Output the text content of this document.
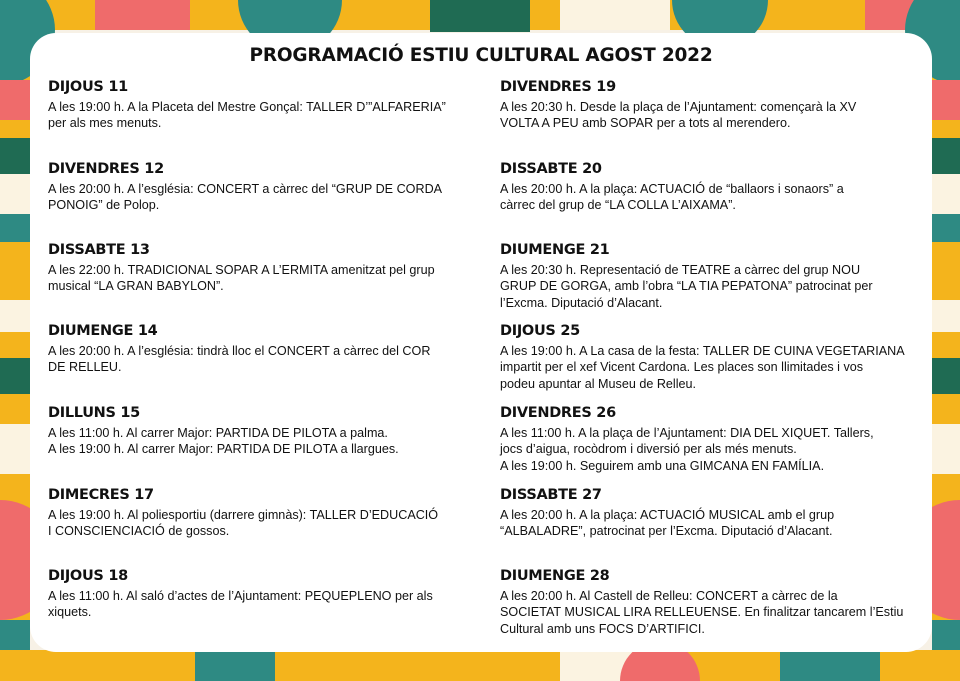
PROGRAMACIÓ ESTIU CULTURAL AGOST 2022
DIJOUS 11
A les 19:00 h. A la Placeta del Mestre Gonçal: TALLER D’”ALFARERIA”
per als mes menuts.
DIVENDRES 12
A les 20:00 h. A l’església: CONCERT a càrrec del “GRUP DE CORDA
PONOIG” de Polop.
DISSABTE 13
A les 22:00 h. TRADICIONAL SOPAR A L’ERMITA amenitzat pel grup
musical “LA GRAN BABYLON”.
DIUMENGE 14
A les 20:00 h. A l’església: tindrà lloc el CONCERT a càrrec del COR
DE RELLEU.
DILLUNS 15
A les 11:00 h. Al carrer Major: PARTIDA DE PILOTA a palma.
A les 19:00 h. Al carrer Major: PARTIDA DE PILOTA a llargues.
DIMECRES 17
A les 19:00 h. Al poliesportiu (darrere gimnàs): TALLER D’EDUCACIÓ
I CONSCIENCIACIÓ de gossos.
DIJOUS 18
A les 11:00 h. Al saló d’actes de l’Ajuntament: PEQUEPLENO per als
xiquets.
DIVENDRES 19
A les 20:30 h. Desde la plaça de l’Ajuntament: començarà la XV
VOLTA A PEU amb SOPAR per a tots al merendero.
DISSABTE 20
A les 20:00 h. A la plaça: ACTUACIÓ de “ballaors i sonaors” a
càrrec del grup de “LA COLLA L’AIXAMA”.
DIUMENGE 21
A les 20:30 h. Representació de TEATRE a càrrec del grup NOU
GRUP DE GORGA, amb l’obra “LA TIA PEPATONA” patrocinat per
l’Excma. Diputació d’Alacant.
DIJOUS 25
A les 19:00 h. A La casa de la festa: TALLER DE CUINA VEGETARIANA
impartit per el xef Vicent Cardona. Les places son llimitades i vos
podeu apuntar al Museu de Relleu.
DIVENDRES 26
A les 11:00 h. A la plaça de l’Ajuntament: DIA DEL XIQUET. Tallers,
jocs d’aigua, rocòdrom i diversió per als més menuts.
A les 19:00 h. Seguirem amb una GIMCANA EN FAMÍLIA.
DISSABTE 27
A les 20:00 h. A la plaça: ACTUACIÓ MUSICAL amb el grup
“ALBALADRE”, patrocinat per l’Excma. Diputació d’Alacant.
DIUMENGE 28
A les 20:00 h. Al Castell de Relleu: CONCERT a càrrec de la
SOCIETAT MUSICAL LIRA RELLEUENSE. En finalitzar tancarem l’Estiu
Cultural amb uns FOCS D’ARTIFICI.
